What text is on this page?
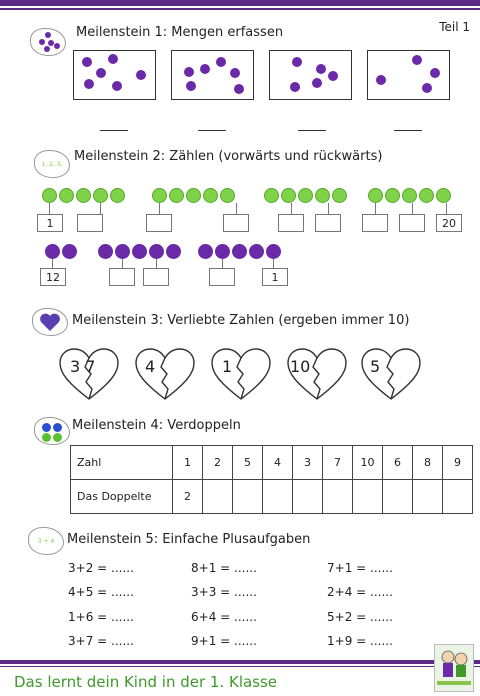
Teil 1
Meilenstein 1: Mengen erfassen
1, 2, 3, Meilenstein 2: Zählen (vorwärts und rückwärts)
1	20
12	1
Meilenstein 3: Verliebte Zahlen (ergeben immer 10)
3 7	4	1	10	5
Meilenstein 4: Verdoppeln
Zahl	1	2	5	4	3	7	10	6	8	9
Das Doppelte	2									
3 + 4 Meilenstein 5: Einfache Plusaufgaben
3+2 = ......
4+5 = ......
1+6 = ......
3+7 = ......
8+1 = ......
3+3 = ......
6+4 = ......
9+1 = ......
7+1 = ......
2+4 = ......
5+2 = ......
1+9 = ......
Das lernt dein Kind in der 1. Klasse
